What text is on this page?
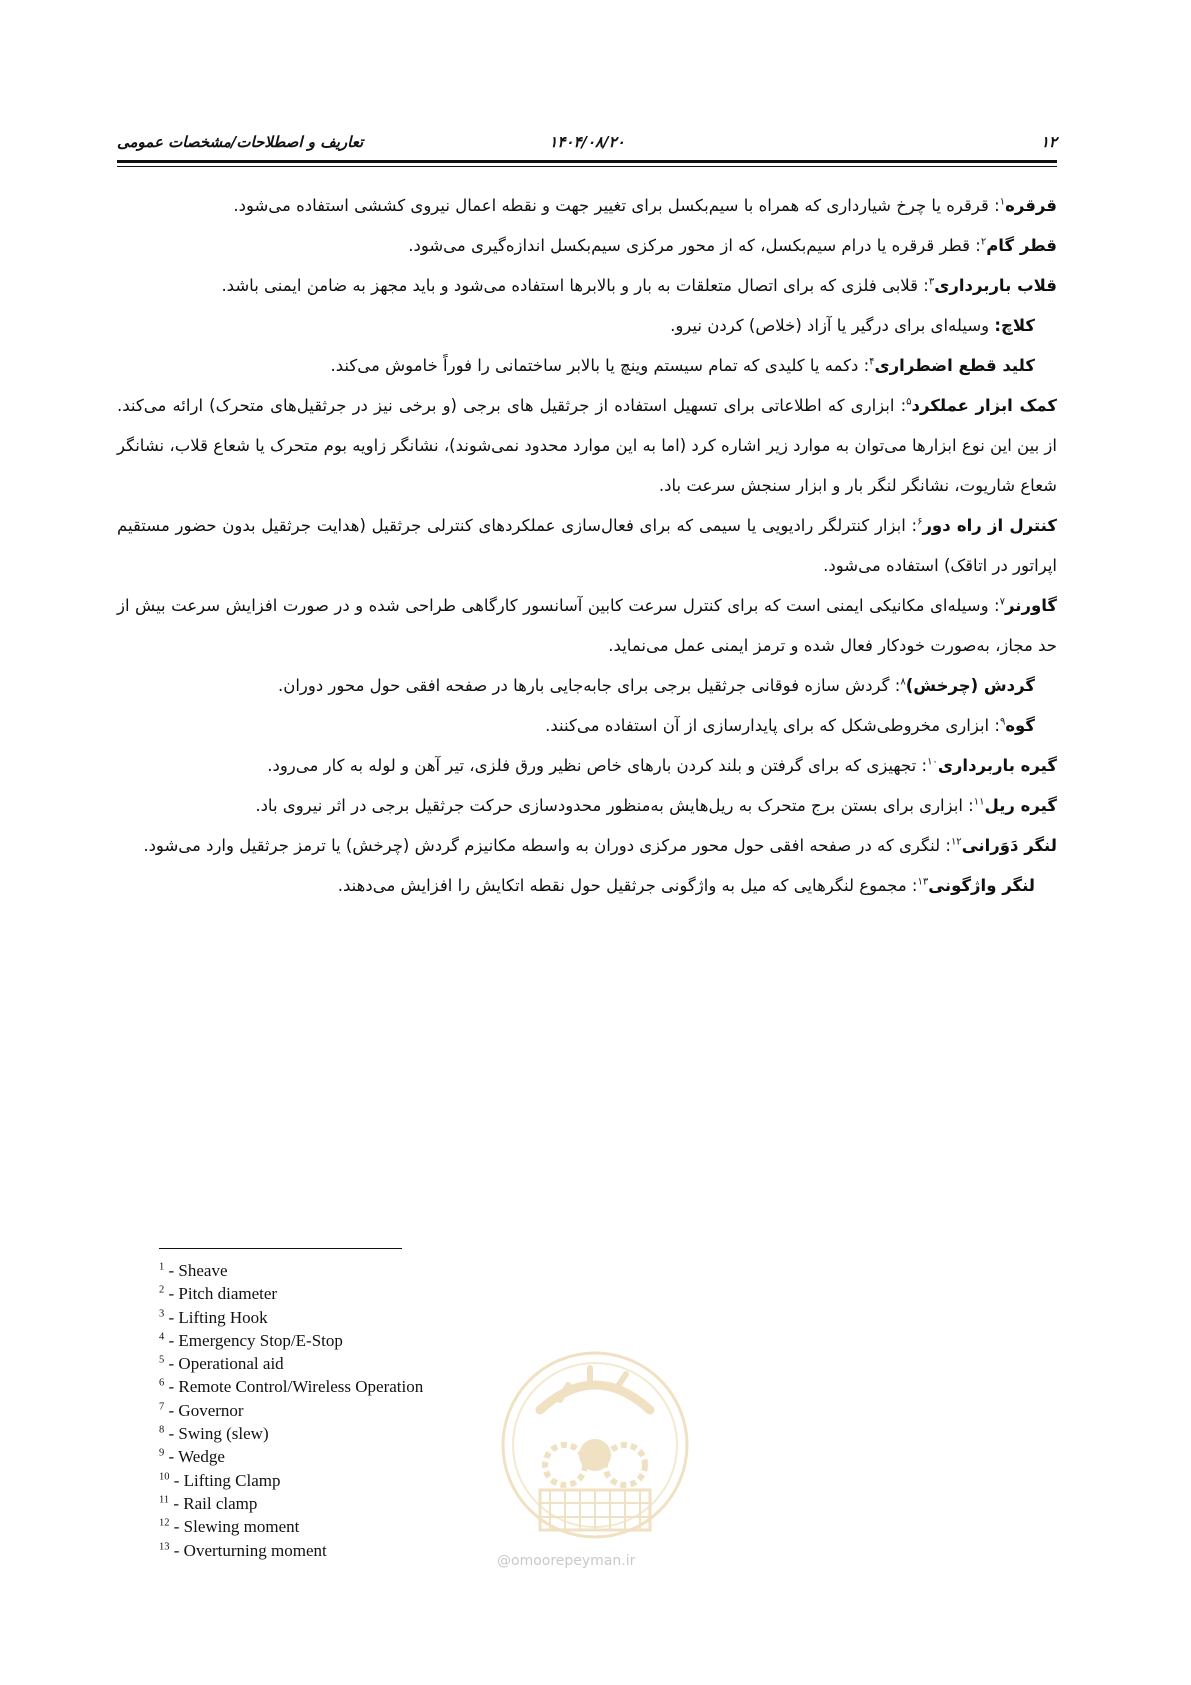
۱۲
۱۴۰۴/۰۸/۲۰
تعاریف و اصطلاحات/مشخصات عمومی

قرقره$^۱$: قرقره یا چرخ شیارداری که همراه با سیم‌بکسل برای تغییر جهت و نقطه اعمال نیروی کششی استفاده می‌شود.

قطر گام$^۲$: قطر قرقره یا درام سیم‌بکسل، که از محور مرکزی سیم‌بکسل اندازه‌گیری می‌شود.

قلاب باربرداری$^۳$: قلابی فلزی که برای اتصال متعلقات به بار و بالابرها استفاده می‌شود و باید مجهز به ضامن ایمنی باشد.

کلاچ: وسیله‌ای برای درگیر یا آزاد (خلاص) کردن نیرو.

کلید قطع اضطراری$^۴$: دکمه یا کلیدی که تمام سیستم وینچ یا بالابر ساختمانی را فوراً خاموش می‌کند.

کمک ابزار عملکرد$^۵$: ابزاری که اطلاعاتی برای تسهیل استفاده از جرثقیل های برجی (و برخی نیز در جرثقیل‌های متحرک) ارائه می‌کند. از بین این نوع ابزارها می‌توان به موارد زیر اشاره کرد (اما به این موارد محدود نمی‌شوند)، نشانگر زاویه بوم متحرک یا شعاع قلاب، نشانگر شعاع شاریوت، نشانگر لنگر بار و ابزار سنجش سرعت باد.

کنترل از راه دور$^۶$: ابزار کنترلگر رادیویی یا سیمی که برای فعال‌سازی عملکردهای کنترلی جرثقیل (هدایت جرثقیل بدون حضور مستقیم اپراتور در اتاقک) استفاده می‌شود.

گاورنر$^۷$: وسیله‌ای مکانیکی ایمنی است که برای کنترل سرعت کابین آسانسور کارگاهی طراحی شده و در صورت افزایش سرعت بیش از حد مجاز، به‌صورت خودکار فعال شده و ترمز ایمنی عمل می‌نماید.

گردش (چرخش)$^۸$: گردش سازه فوقانی جرثقیل برجی برای جابه‌جایی بارها در صفحه افقی حول محور دوران.

گوه$^۹$: ابزاری مخروطی‌شکل که برای پایدارسازی از آن استفاده می‌کنند.

گیره باربرداری$^{۱۰}$: تجهیزی که برای گرفتن و بلند کردن بارهای خاص نظیر ورق فلزی، تیر آهن و لوله به کار می‌رود.

گیره ریل$^{۱۱}$: ابزاری برای بستن برج متحرک به ریل‌هایش به‌منظور محدودسازی حرکت جرثقیل برجی در اثر نیروی باد.

لنگر دَوَرانی$^{۱۲}$: لنگری که در صفحه افقی حول محور مرکزی دوران به واسطه مکانیزم گردش (چرخش) یا ترمز جرثقیل وارد می‌شود.

لنگر واژگونی$^{۱۳}$: مجموع لنگرهایی که میل به واژگونی جرثقیل حول نقطه اتکایش را افزایش می‌دهند.

$^1$ - Sheave
$^2$ - Pitch diameter
$^3$ - Lifting Hook
$^4$ - Emergency Stop/E-Stop
$^5$ - Operational aid
$^6$ - Remote Control/Wireless Operation
$^7$ - Governor
$^8$ - Swing (slew)
$^9$ - Wedge
$^{10}$ - Lifting Clamp
$^{11}$ - Rail clamp
$^{12}$ - Slewing moment
$^{13}$ - Overturning moment
@omoorepeyman.ir
